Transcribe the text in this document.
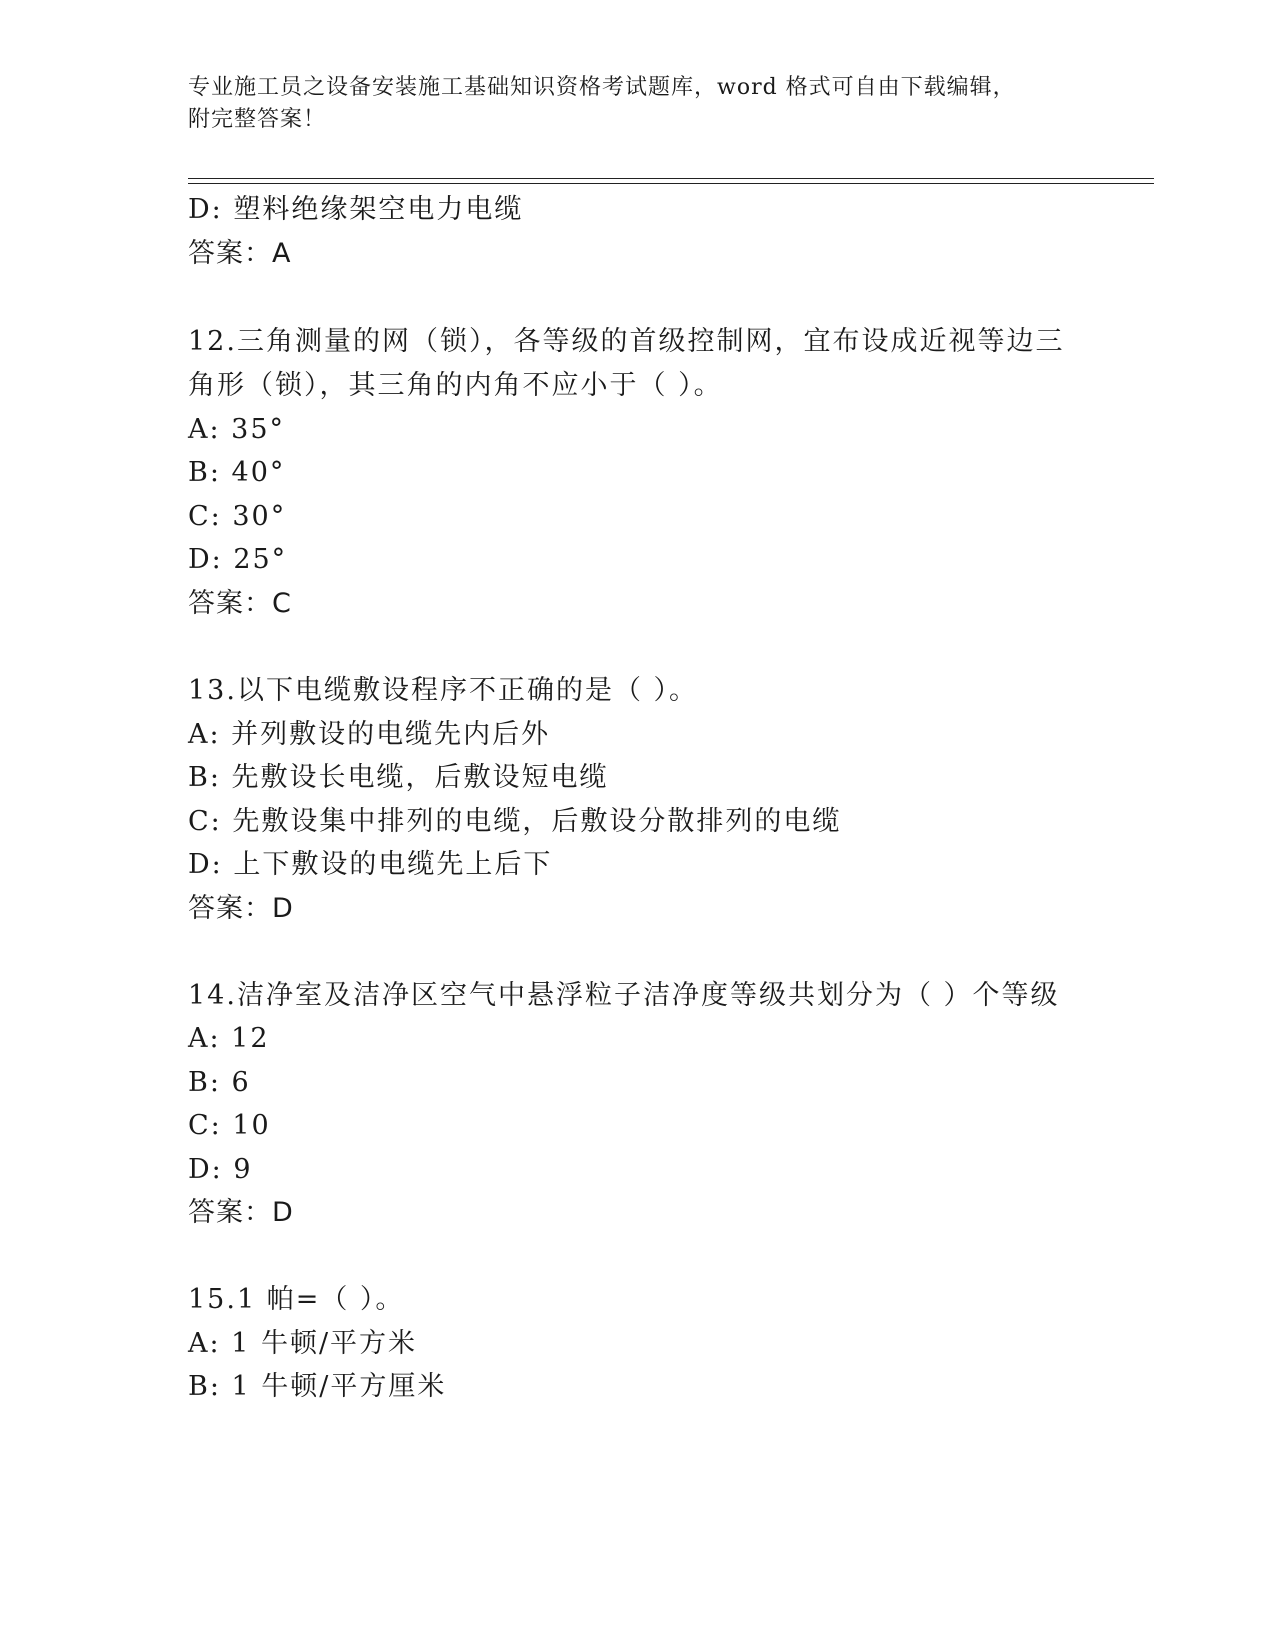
专业施工员之设备安装施工基础知识资格考试题库，word 格式可自由下载编辑，
附完整答案！
D: 塑料绝缘架空电力电缆
答案：A
12.三角测量的网（锁），各等级的首级控制网，宜布设成近视等边三
角形（锁），其三角的内角不应小于（ ）。
A: 35°
B: 40°
C: 30°
D: 25°
答案：C
13.以下电缆敷设程序不正确的是（ ）。
A: 并列敷设的电缆先内后外
B: 先敷设长电缆，后敷设短电缆
C: 先敷设集中排列的电缆，后敷设分散排列的电缆
D: 上下敷设的电缆先上后下
答案：D
14.洁净室及洁净区空气中悬浮粒子洁净度等级共划分为（ ）个等级
A: 12
B: 6
C: 10
D: 9
答案：D
15.1 帕=（ ）。
A: 1 牛顿/平方米
B: 1 牛顿/平方厘米
